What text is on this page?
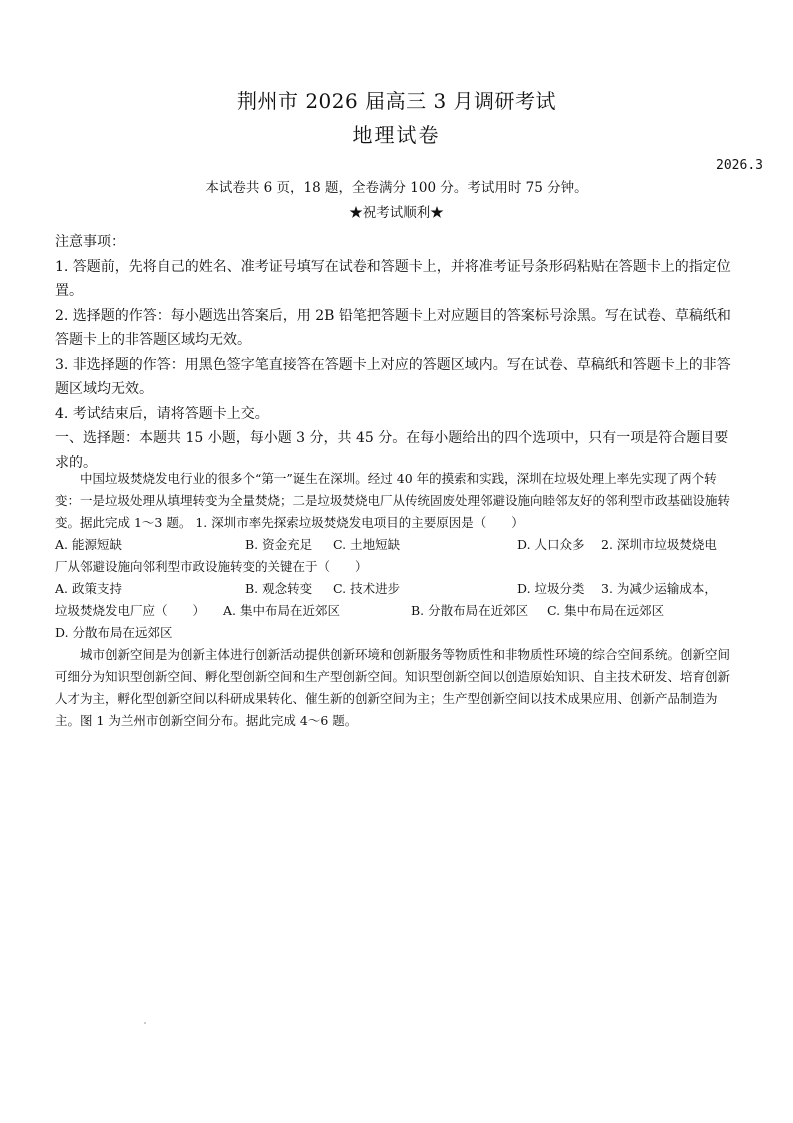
荆州市 2026 届高三 3 月调研考试
地理试卷
2026.3
本试卷共 6 页，18 题，全卷满分 100 分。考试用时 75 分钟。
★祝考试顺利★

注意事项：

1. 答题前，先将自己的姓名、准考证号填写在试卷和答题卡上，并将准考证号条形码粘贴在答题卡上的指定位置。

2. 选择题的作答：每小题选出答案后，用 2B 铅笔把答题卡上对应题目的答案标号涂黑。写在试卷、草稿纸和答题卡上的非答题区域均无效。

3. 非选择题的作答：用黑色签字笔直接答在答题卡上对应的答题区域内。写在试卷、草稿纸和答题卡上的非答题区域均无效。

4. 考试结束后，请将答题卡上交。

一、选择题：本题共 15 小题，每小题 3 分，共 45 分。在每小题给出的四个选项中，只有一项是符合题目要求的。

中国垃圾焚烧发电行业的很多个“第一”诞生在深圳。经过 40 年的摸索和实践，深圳在垃圾处理上率先实现了两个转变：一是垃圾处理从填埋转变为全量焚烧；二是垃圾焚烧电厂从传统固废处理邻避设施向睦邻友好的邻利型市政基础设施转变。据此完成 1～3 题。 1. 深圳市率先探索垃圾焚烧发电项目的主要原因是（　　）

A. 能源短缺	B. 资金充足	C. 土地短缺	D. 人口众多	2. 深圳市垃圾焚烧电

厂从邻避设施向邻利型市政设施转变的关键在于（　　）

A. 政策支持	B. 观念转变	C. 技术进步	D. 垃圾分类	3. 为减少运输成本，
垃圾焚烧发电厂应（　　）	A. 集中布局在近郊区	B. 分散布局在近郊区	C. 集中布局在远郊区

D. 分散布局在远郊区

城市创新空间是为创新主体进行创新活动提供创新环境和创新服务等物质性和非物质性环境的综合空间系统。创新空间可细分为知识型创新空间、孵化型创新空间和生产型创新空间。知识型创新空间以创造原始知识、自主技术研发、培育创新人才为主，孵化型创新空间以科研成果转化、催生新的创新空间为主；生产型创新空间以技术成果应用、创新产品制造为主。图 1 为兰州市创新空间分布。据此完成 4～6 题。
